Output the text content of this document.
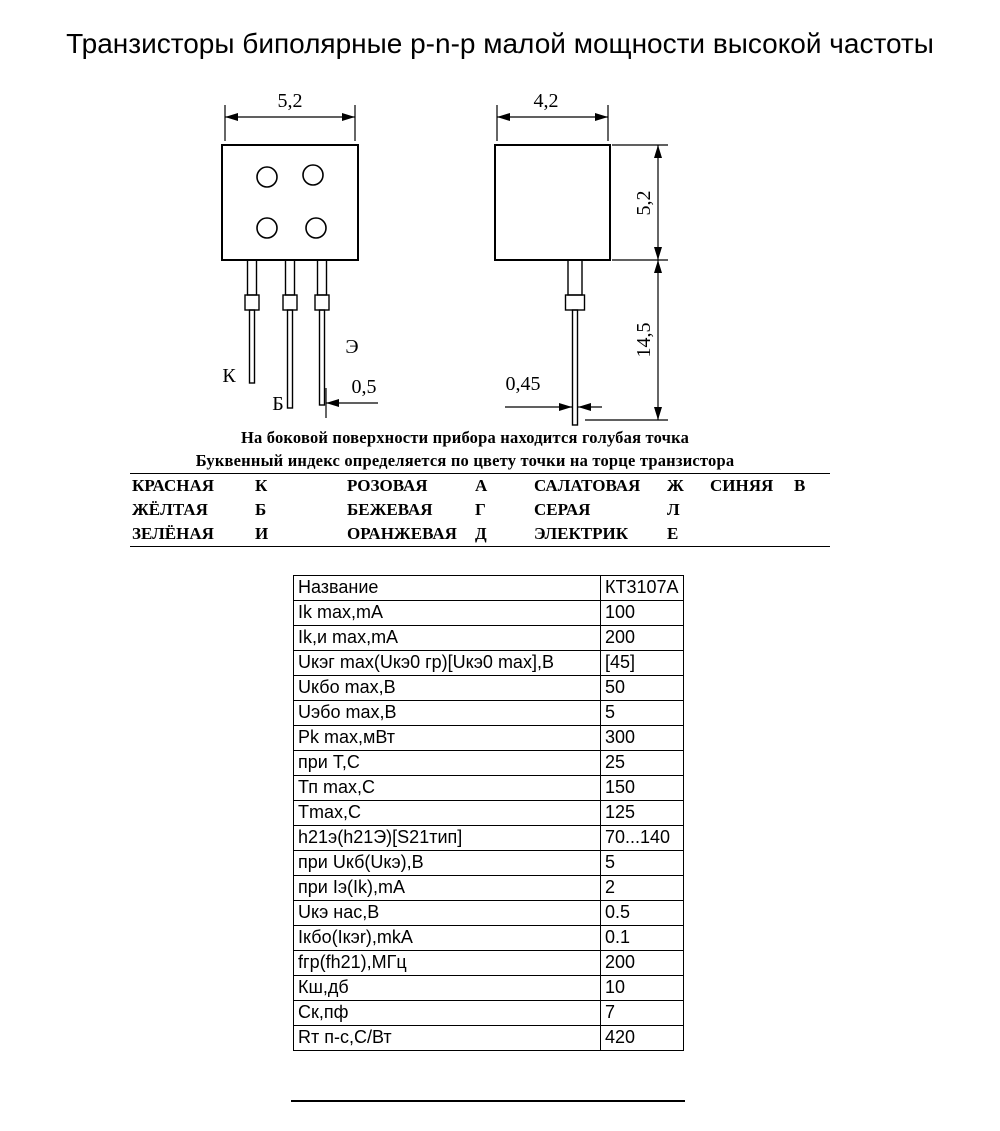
Транзисторы биполярные p-n-p малой мощности высокой частоты
5,2
Э
К
Б
0,5
4,2
5,2
14,5
0,45
На боковой поверхности прибора находится голубая точка
Буквенный индекс определяется по цвету точки на торце транзистора
КРАСНАЯ	К	РОЗОВАЯ	А	САЛАТОВАЯ	Ж	СИНЯЯ	В
ЖЁЛТАЯ	Б	БЕЖЕВАЯ	Г	СЕРАЯ	Л		
ЗЕЛЁНАЯ	И	ОРАНЖЕВАЯ	Д	ЭЛЕКТРИК	Е		
Название	КТ3107А
Ik max,mA	100
Ik,и max,mA	200
Uкэг max(Uкэ0 гр)[Uкэ0 max],В	[45]
Uкбо max,В	50
Uэбо max,В	5
Pk max,мВт	300
при Т,С	25
Тп max,С	150
Tmax,С	125
h21э(h21Э)[S21тип]	70...140
при Uкб(Uкэ),В	5
при Iэ(Ik),mA	2
Uкэ нас,В	0.5
Iкбо(Iкэr),mkA	0.1
fгр(fh21),МГц	200
Кш,дб	10
Ск,пф	7
Rт п-с,С/Вт	420
